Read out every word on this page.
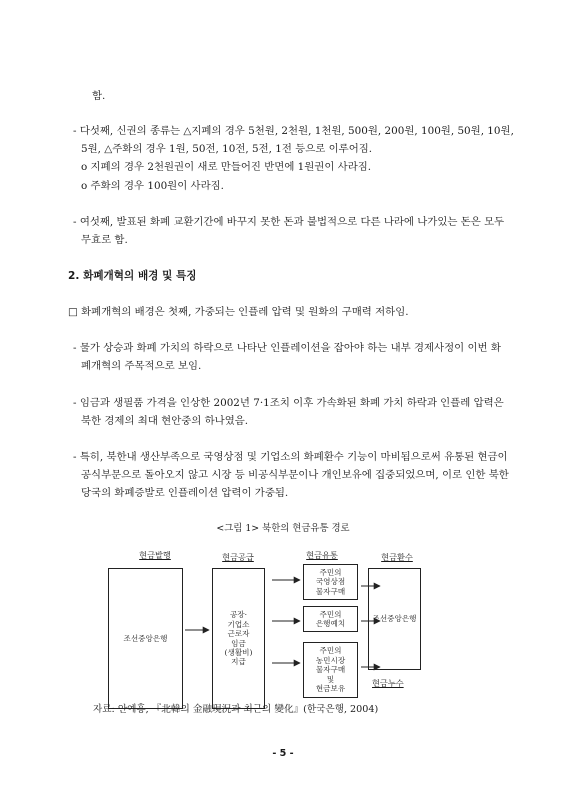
함.
- 다섯째, 신권의 종류는 △지폐의 경우 5천원, 2천원, 1천원, 500원, 200원, 100원, 50원, 10원,
5원, △주화의 경우 1원, 50전, 10전, 5전, 1전 등으로 이루어짐.
o 지폐의 경우 2천원권이 새로 만들어진 반면에 1원권이 사라짐.
o 주화의 경우 100원이 사라짐.
- 여섯째, 발표된 화폐 교환기간에 바꾸지 못한 돈과 불법적으로 다른 나라에 나가있는 돈은 모두
무효로 함.
2. 화폐개혁의 배경 및 특징
□ 화폐개혁의 배경은 첫째, 가중되는 인플레 압력 및 원화의 구매력 저하임.
- 물가 상승과 화폐 가치의 하락으로 나타난 인플레이션을 잡아야 하는 내부 경제사정이 이번 화
폐개혁의 주목적으로 보임.
- 임금과 생필품 가격을 인상한 2002년 7·1조치 이후 가속화된 화폐 가치 하락과 인플레 압력은
북한 경제의 최대 현안중의 하나였음.
- 특히, 북한내 생산부족으로 국영상점 및 기업소의 화폐환수 기능이 마비됨으로써 유통된 현금이
공식부문으로 돌아오지 않고 시장 등 비공식부문이나 개인보유에 집중되었으며, 이로 인한 북한
당국의 화폐증발로 인플레이션 압력이 가중됨.
<그림 1> 북한의 현금유통 경로
현금발행	현금공급	현금유통	현금환수
조선중앙은행
공장·
기업소
근로자
임금
(생활비)
지급
주민의
국영상점
물자구매
주민의
은행예치
주민의
농민시장
물자구매
및
현금보유
조선중앙은행
현금누수
자료: 안예홍, 『北韓의 金融現況과 최근의 變化』(한국은행, 2004)
- 5 -
